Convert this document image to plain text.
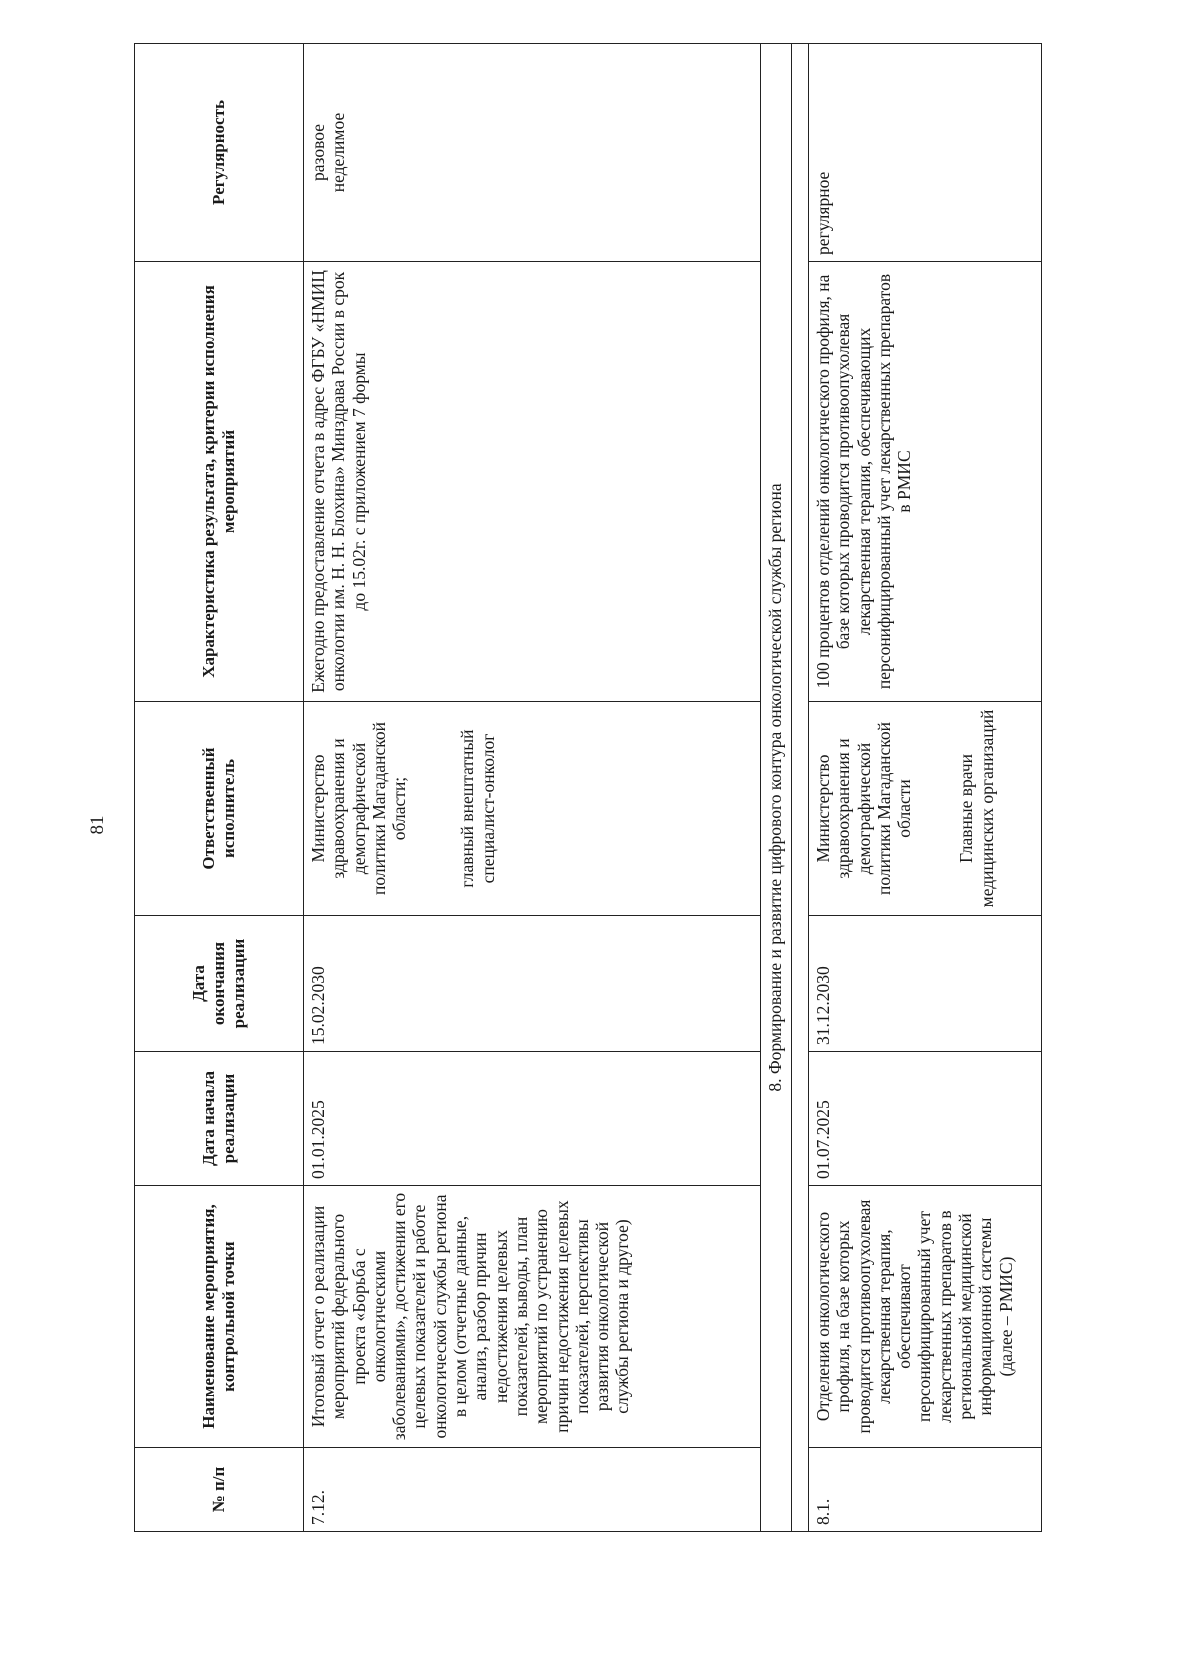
81
№ п/п	Наименование мероприятия, контрольной точки	Дата начала реализации	Дата окончания реализации	Ответственный исполнитель	Характеристика результата, критерии исполнения мероприятий	Регулярность
7.12.	Итоговый отчет о реализации мероприятий федерального проекта «Борьба с онкологическими заболеваниями», достижении его целевых показателей и работе онкологической службы региона в целом (отчетные данные, анализ, разбор причин недостижения целевых показателей, выводы, план мероприятий по устранению причин недостижения целевых показателей, перспективы развития онкологической службы региона и другое)	01.01.2025	15.02.2030	Министерство здравоохранения и демографической политики Магаданской области; главный внештатный специалист-онколог	Ежегодно предоставление отчета в адрес ФГБУ «НМИЦ онкологии им. Н. Н. Блохина» Минздрава России в срок до 15.02г. с приложением 7 формы	разовое неделимое

8. Формирование и развитие цифрового контура онкологической службы региона						

8.1.	Отделения онкологического профиля, на базе которых проводится противоопухолевая лекарственная терапия, обеспечивают персонифицированный учет лекарственных препаратов в региональной медицинской информационной системы (далее – РМИС)	01.07.2025	31.12.2030	Министерство здравоохранения и демографической политики Магаданской области Главные врачи медицинских организаций	100 процентов отделений онкологического профиля, на базе которых проводится противоопухолевая лекарственная терапия, обеспечивающих персонифицированный учет лекарственных препаратов в РМИС	регулярное
